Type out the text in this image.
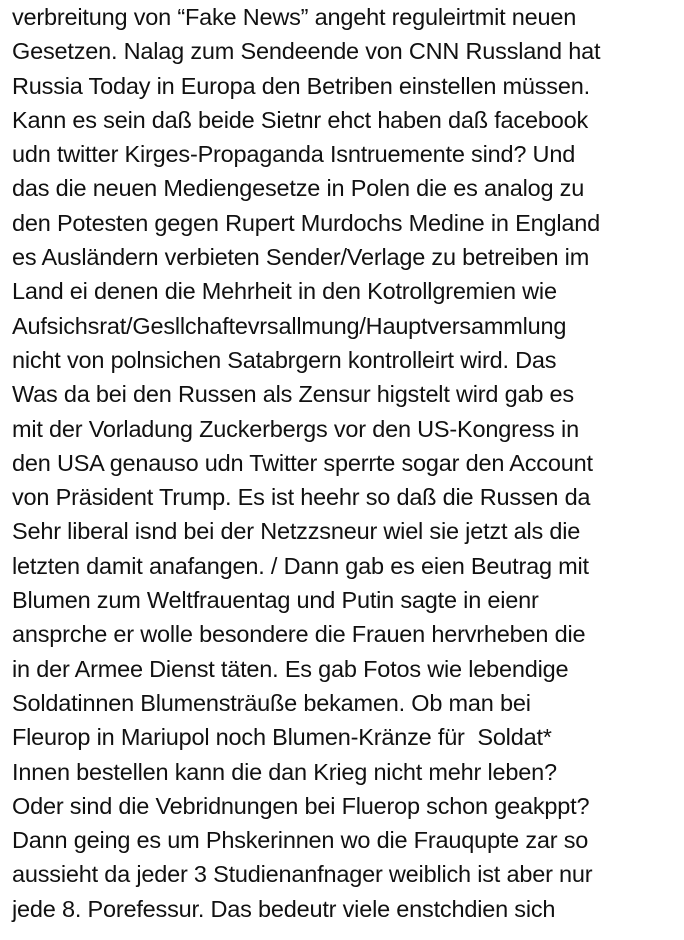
verbreitung von “Fake News” angeht reguleirtmit neuen
Gesetzen. Nalag zum Sendeende von CNN Russland hat
Russia Today in Europa den Betriben einstellen müssen.
Kann es sein daß beide Sietnr ehct haben daß facebook
udn twitter Kirges-Propaganda Isntruemente sind? Und
das die neuen Mediengesetze in Polen die es analog zu
den Potesten gegen Rupert Murdochs Medine in England
es Ausländern verbieten Sender/Verlage zu betreiben im
Land ei denen die Mehrheit in den Kotrollgremien wie
Aufsichsrat/Gesllchaftevrsallmung/Hauptversammlung
nicht von polnsichen Satabrgern kontrolleirt wird. Das
Was da bei den Russen als Zensur higstelt wird gab es
mit der Vorladung Zuckerbergs vor den US-Kongress in
den USA genauso udn Twitter sperrte sogar den Account
von Präsident Trump. Es ist heehr so daß die Russen da
Sehr liberal isnd bei der Netzzsneur wiel sie jetzt als die
letzten damit anafangen. / Dann gab es eien Beutrag mit
Blumen zum Weltfrauentag und Putin sagte in eienr
ansprche er wolle besondere die Frauen hervrheben die
in der Armee Dienst täten. Es gab Fotos wie lebendige
Soldatinnen Blumensträuße bekamen. Ob man bei
Fleurop in Mariupol noch Blumen-Kränze für  Soldat*
Innen bestellen kann die dan Krieg nicht mehr leben?
Oder sind die Vebridnungen bei Fluerop schon geakppt?
Dann geing es um Phskerinnen wo die Frauqupte zar so
aussieht da jeder 3 Studienanfnager weiblich ist aber nur
jede 8. Porefessur. Das bedeutr viele enstchdien sich
